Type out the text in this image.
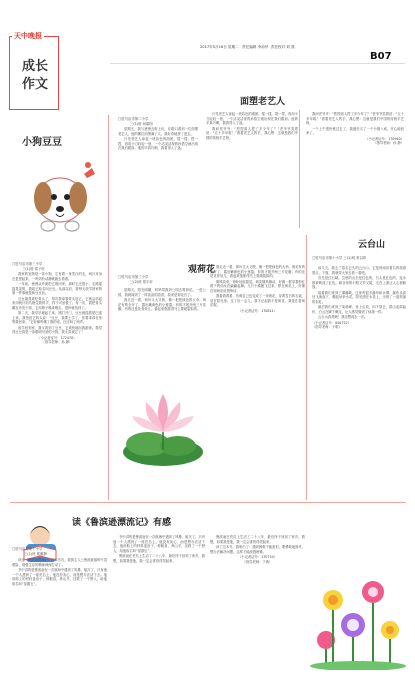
天中晚报
成长
作文
2017年5月16日 星期二 责任编辑 李前华 责任校对 刘 燕
B07
面塑老艺人
□驻马店市第二小学
三(1)班 何昭阳

星期天，我与爸爸去街上玩，在路口看到一位面塑老艺人，他的摊位前围满了人，我好奇地挤了进去。

只见老艺人拿起一块彩色的面团，揉一揉，捏一捏，再用小刀轻轻一划，一个活灵活现的孙悟空就出现在我们眼前。他的手真巧啊，我看得入了迷。

只见老艺人拿起一块彩色的面团，揉一揉，捏一捏，再用小刀轻轻一划，一个活灵活现的孙悟空就出现在我们眼前。他的手真巧啊，我看得入了迷。

我问老爷爷：“您捏面人捏了多少年了？”老爷爷笑着说：“五十多年啦！”看着老艺人的手，我心想：这就是我们中国的传统手艺呀。

我问老爷爷：“您捏面人捏了多少年了？”老爷爷笑着说：“五十多年啦！”看着老艺人的手，我心想：这就是我们中国的传统手艺呀。

一个上午很快就过去了，我最后买了一个小猪八戒，开心地回家了。

（小记者证号：170940）
（指导老师：孙 静）
小狗豆豆
□驻马店市第三小学
三(1)班 郑子旺

我家的宠物是一条小狗，它有着一身雪白的毛，两只耳朵总是竖起来，一听到有动静就跑去看看。

一年前，爸爸从外面把它抱回家，那时它还很小，走路摇摇晃晃的，我给它取名叫豆豆。从那以后，我每天放学回家的第一件事就是和豆豆玩。

豆豆最喜欢吃骨头了，每次我拿着骨头逗它，它就会站起来用两只前爪抱住我的手，样子可爱极了。有一次，我把骨头藏在沙发下面，它用鼻子嗅来嗅去，很快就找到了。

第二天，我早早地起了床，刚打开门，豆豆就摇着尾巴迎上来。我拍拍它的头说：“豆豆，我要上学了，你要乖乖在家等我回来。”它好像听懂了我的话，汪汪叫了两声。

放学回到家，我又看到了豆豆，它欢快地向我跑来。我觉得豆豆真是一条聪明可爱的小狗，我太喜欢它了！

（小记者证号：172470）
（指导老师：孙 静）
观荷花
□驻马店市第三小学
三(2)班 郑宇轩

星期天，阳光明媚，妈妈带我到公园去观荷花。一进公园，我就闻到了一阵淡淡的清香，原来是荷花开了。

我走近一看，荷叶又大又圆，像一把把绿色的大伞。荷花有的全开了，露出嫩黄色的小莲蓬；有的才展开两三片花瓣；有的还是花骨朵儿，看起来饱胀得马上要破裂似的。

我走近一看，荷叶又大又圆，像一把把绿色的大伞。荷花有的全开了，露出嫩黄色的小莲蓬；有的才展开两三片花瓣；有的还是花骨朵儿，看起来饱胀得马上要破裂似的。

微风吹来，荷叶轻轻摇晃，荷花随风舞动，好像一群穿着粉红裙子的仙女在翩翩起舞。几只小蜻蜓飞过来，停在荷花上，好像在和荷花说悄悄话。

我看着看着，仿佛自己也变成了一朵荷花，穿着雪白的衣裳，站在阳光里。过了好一会儿，我才记起我不是荷花，我是在看荷花呢。

（小记者证号：170811）
云台山
□驻马店市第十小学 三(1)班 常以印

前几天，我去了慕名已久的云台山，它是河南省著名的旅游景点，下面，我就带大家去看一看吧。

首先是红石峡。这里的山全是红色的，石头是红色的，连水都被映成了红色。峡谷里的小路又窄又陡，走在上面让人心惊胆战。

接着我们来到了潭瀑峡，这里有很多瀑布和水潭，瀑布从高处飞流直下，溅起朵朵水花，阳光照在水花上，出现了一道美丽的彩虹。

最后我们来到了茱萸峰，登上山顶，向下望去，群山连绵起伏，白云在脚下飘过，让人感觉像到了仙境一样。

云台山真美啊！我还想再去一次。

（小记者证号：050752）
（指导老师：于明）
读《鲁滨逊漂流记》有感
□驻马店市第十小学
三(1)班 郭雅静

读完《鲁滨逊漂流记》这本书后，我被主人公鲁滨逊那种不畏艰险、顽强生存的精神深深打动了。

书中讲的是鲁滨逊在一次航海中遇到了风暴，船沉了，只有他一个人漂到了一座荒岛上。他没有灰心，而是想办法活下去。他用船上的材料盖房子，种粮食，养山羊，还救了一个野人，给他取名叫“星期五”。

书中讲的是鲁滨逊在一次航海中遇到了风暴，船沉了，只有他一个人漂到了一座荒岛上。他没有灰心，而是想办法活下去。他用船上的材料盖房子，种粮食，养山羊，还救了一个野人，给他取名叫“星期五”。

鲁滨逊在荒岛上生活了二十八年，最后终于回到了家乡。我想，如果我是他，我一定会害怕得哭起来。

鲁滨逊在荒岛上生活了二十八年，最后终于回到了家乡。我想，如果我是他，我一定会害怕得哭起来。

读了这本书，我明白了：遇到困难不能害怕，要勇敢地面对，想办法解决问题，这样才能战胜困难。

（小记者证号：170734）
（指导老师：于黄）
